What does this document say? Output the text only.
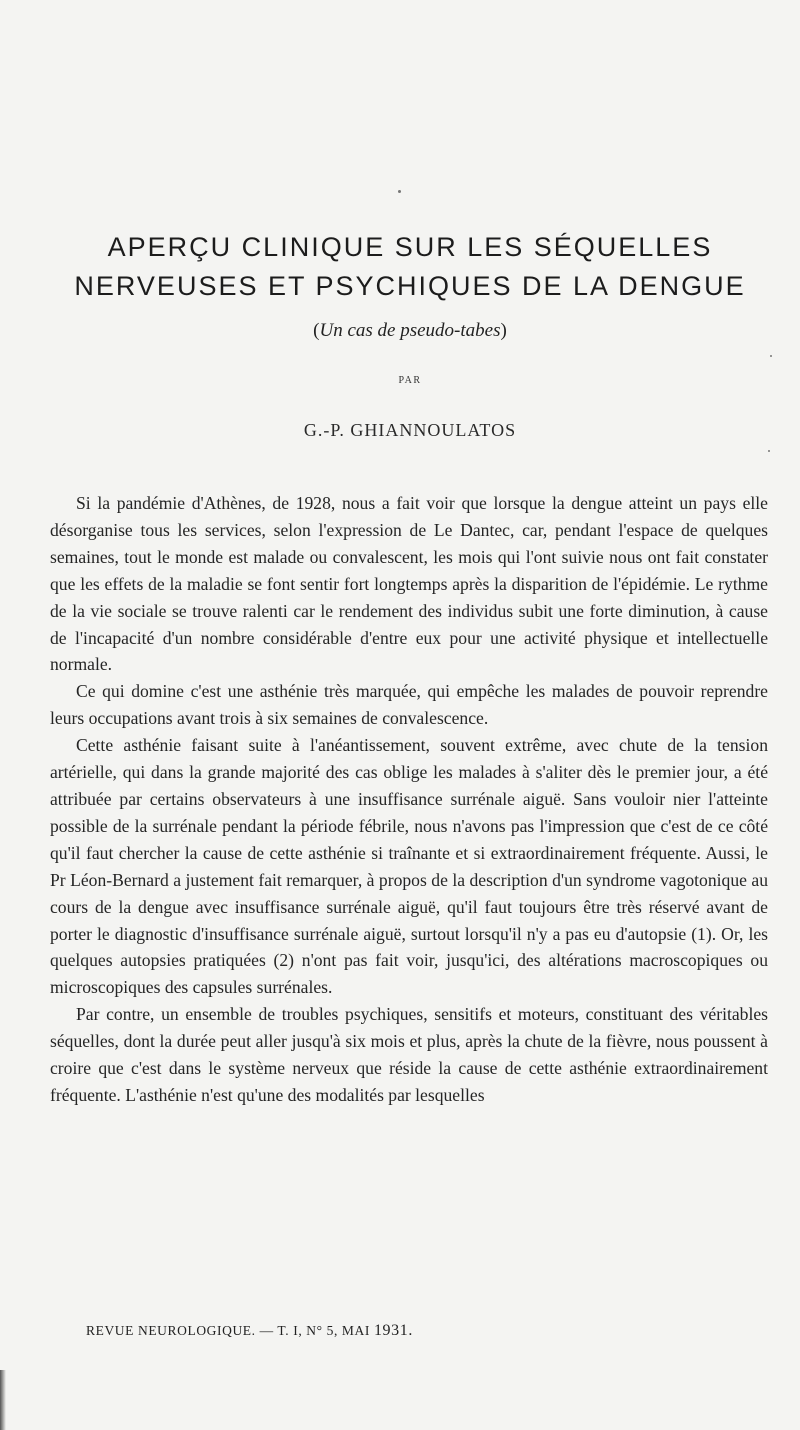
APERÇU CLINIQUE SUR LES SÉQUELLES
NERVEUSES ET PSYCHIQUES DE LA DENGUE
(Un cas de pseudo-tabes)
PAR
G.-P. GHIANNOULATOS

Si la pandémie d'Athènes, de 1928, nous a fait voir que lorsque la dengue atteint un pays elle désorganise tous les services, selon l'expression de Le Dantec, car, pendant l'espace de quelques semaines, tout le monde est malade ou convalescent, les mois qui l'ont suivie nous ont fait constater que les effets de la maladie se font sentir fort longtemps après la disparition de l'épidémie. Le rythme de la vie sociale se trouve ralenti car le rendement des individus subit une forte diminution, à cause de l'incapacité d'un nombre considérable d'entre eux pour une activité physique et intellectuelle normale.

Ce qui domine c'est une asthénie très marquée, qui empêche les malades de pouvoir reprendre leurs occupations avant trois à six semaines de convalescence.

Cette asthénie faisant suite à l'anéantissement, souvent extrême, avec chute de la tension artérielle, qui dans la grande majorité des cas oblige les malades à s'aliter dès le premier jour, a été attribuée par certains observateurs à une insuffisance surrénale aiguë. Sans vouloir nier l'atteinte possible de la surrénale pendant la période fébrile, nous n'avons pas l'impression que c'est de ce côté qu'il faut chercher la cause de cette asthénie si traînante et si extraordinairement fréquente. Aussi, le Pr Léon-Bernard a justement fait remarquer, à propos de la description d'un syndrome vagotonique au cours de la dengue avec insuffisance surrénale aiguë, qu'il faut toujours être très réservé avant de porter le diagnostic d'insuffisance surrénale aiguë, surtout lorsqu'il n'y a pas eu d'autopsie (1). Or, les quelques autopsies pratiquées (2) n'ont pas fait voir, jusqu'ici, des altérations macroscopiques ou microscopiques des capsules surrénales.

Par contre, un ensemble de troubles psychiques, sensitifs et moteurs, constituant des véritables séquelles, dont la durée peut aller jusqu'à six mois et plus, après la chute de la fièvre, nous poussent à croire que c'est dans le système nerveux que réside la cause de cette asthénie extraordinairement fréquente. L'asthénie n'est qu'une des modalités par lesquelles

REVUE NEUROLOGIQUE. — T. I, N° 5, MAI 1931.
